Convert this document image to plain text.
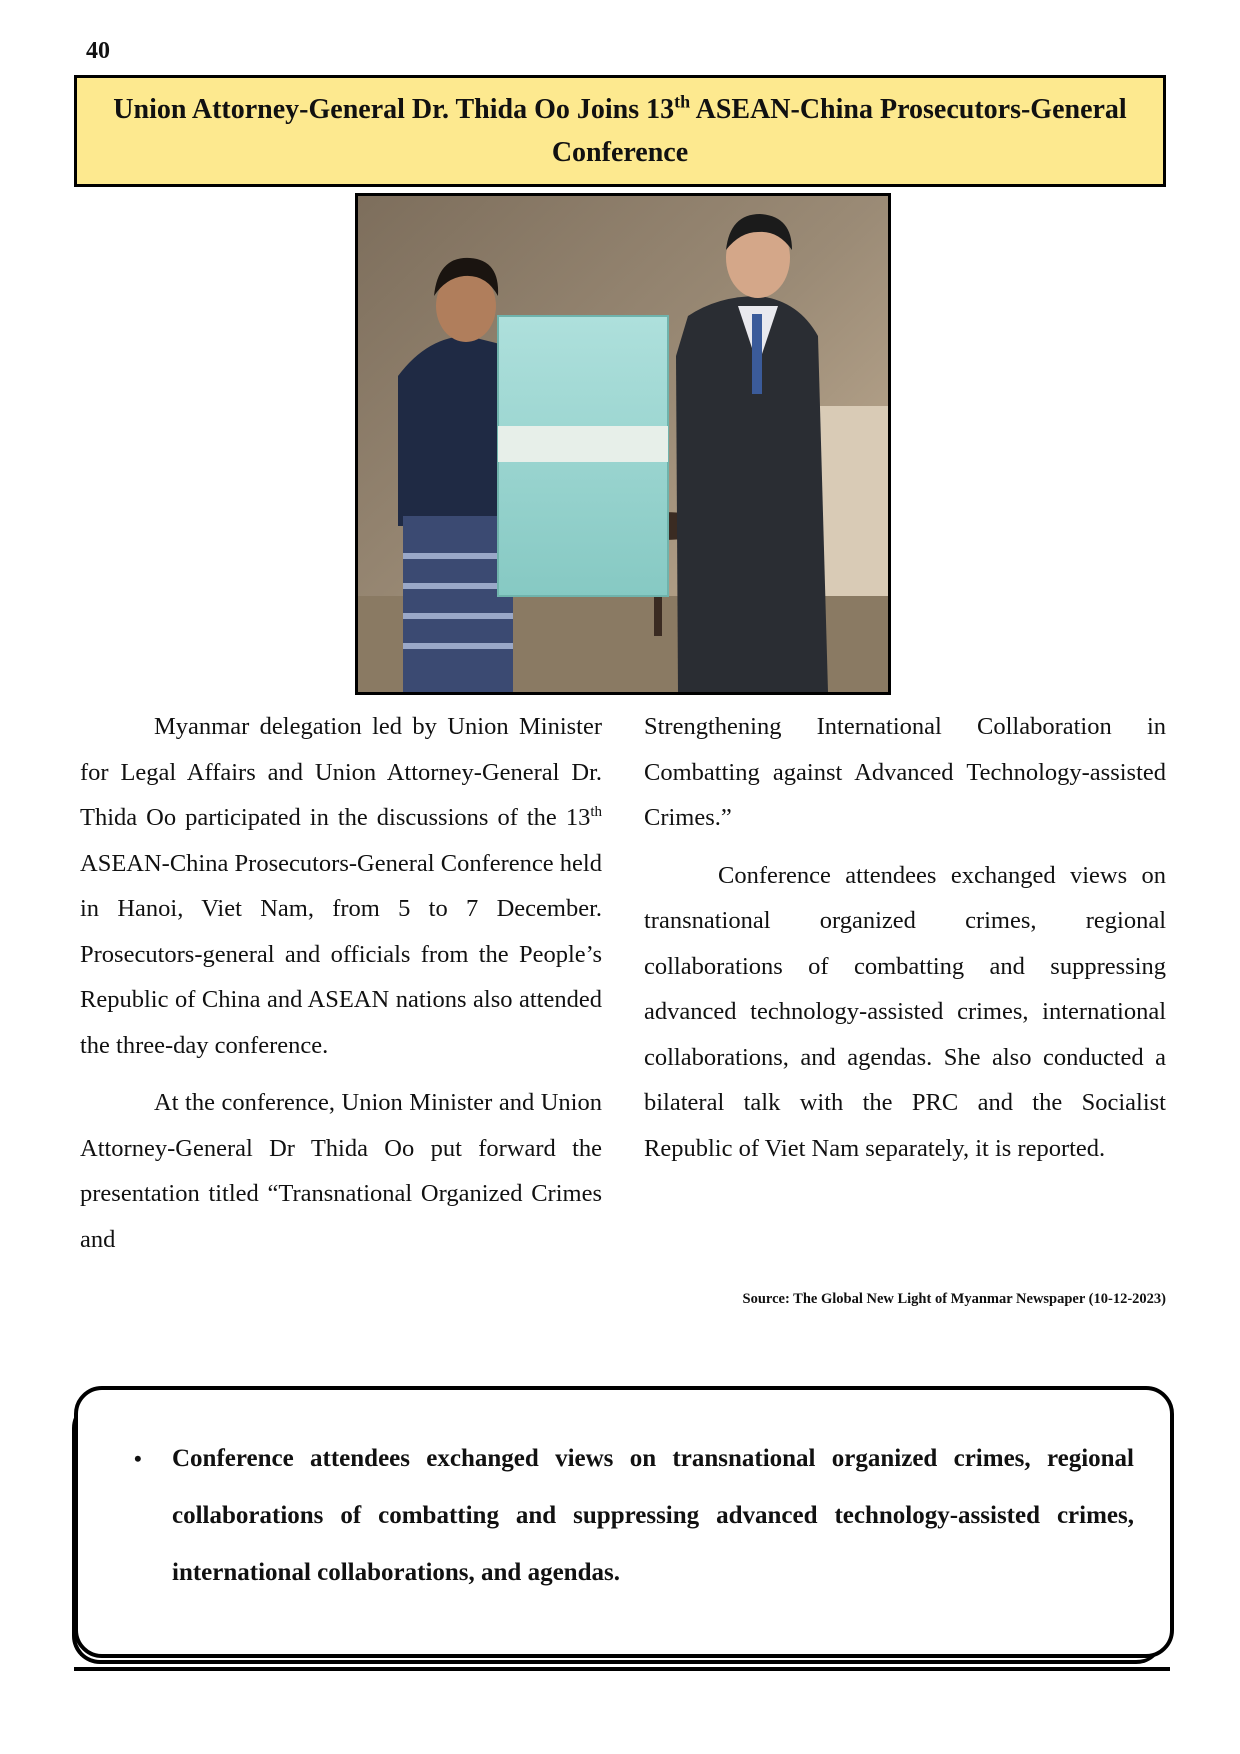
40
Union Attorney-General Dr. Thida Oo Joins 13th ASEAN-China Prosecutors-General Conference

Myanmar delegation led by Union Minister for Legal Affairs and Union Attorney-General Dr. Thida Oo participated in the discussions of the 13th ASEAN-China Prosecutors-General Conference held in Hanoi, Viet Nam, from 5 to 7 December. Prosecutors-general and officials from the People’s Republic of China and ASEAN nations also attended the three-day conference.

At the conference, Union Minister and Union Attorney-General Dr Thida Oo put forward the presentation titled “Transnational Organized Crimes and

Strengthening International Collaboration in Combatting against Advanced Technology-assisted Crimes.”

Conference attendees exchanged views on transnational organized crimes, regional collaborations of combatting and suppressing advanced technology-assisted crimes, international collaborations, and agendas. She also conducted a bilateral talk with the PRC and the Socialist Republic of Viet Nam separately, it is reported.

Source: The Global New Light of Myanmar Newspaper (10-12-2023)
• Conference attendees exchanged views on transnational organized crimes, regional collaborations of combatting and suppressing advanced technology-assisted crimes, international collaborations, and agendas.
